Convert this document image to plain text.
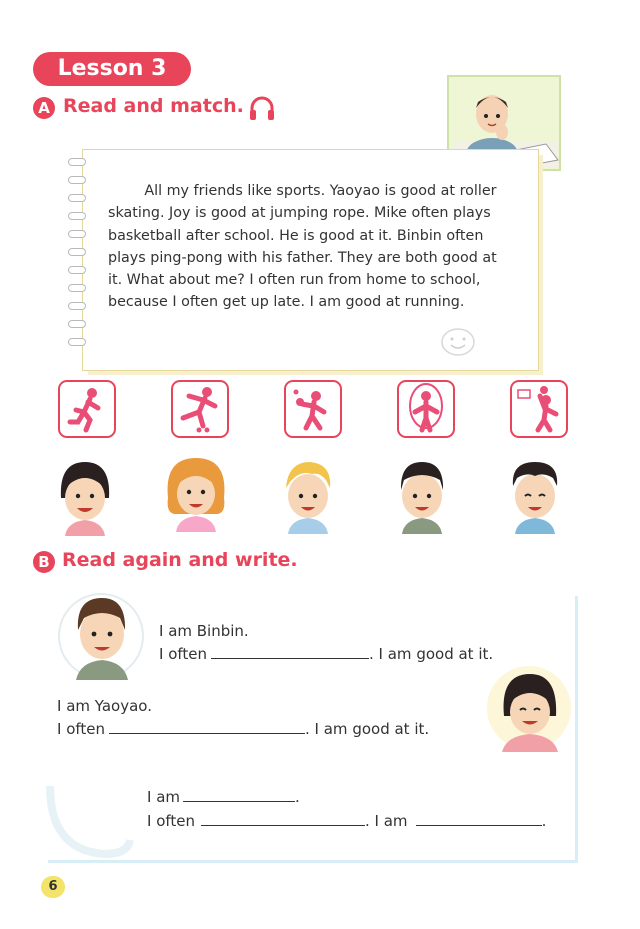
Lesson 3
A Read and match.
All my friends like sports. Yaoyao is good at roller
skating. Joy is good at jumping rope. Mike often plays
basketball after school. He is good at it. Binbin often
plays ping-pong with his father. They are both good at
it. What about me? I often run from home to school,
because I often get up late. I am good at running.
B Read again and write.
I am Binbin.
I often	. I am good at it.
I am Yaoyao.
I often	. I am good at it.
I am	.
I often	. I am	.
6
